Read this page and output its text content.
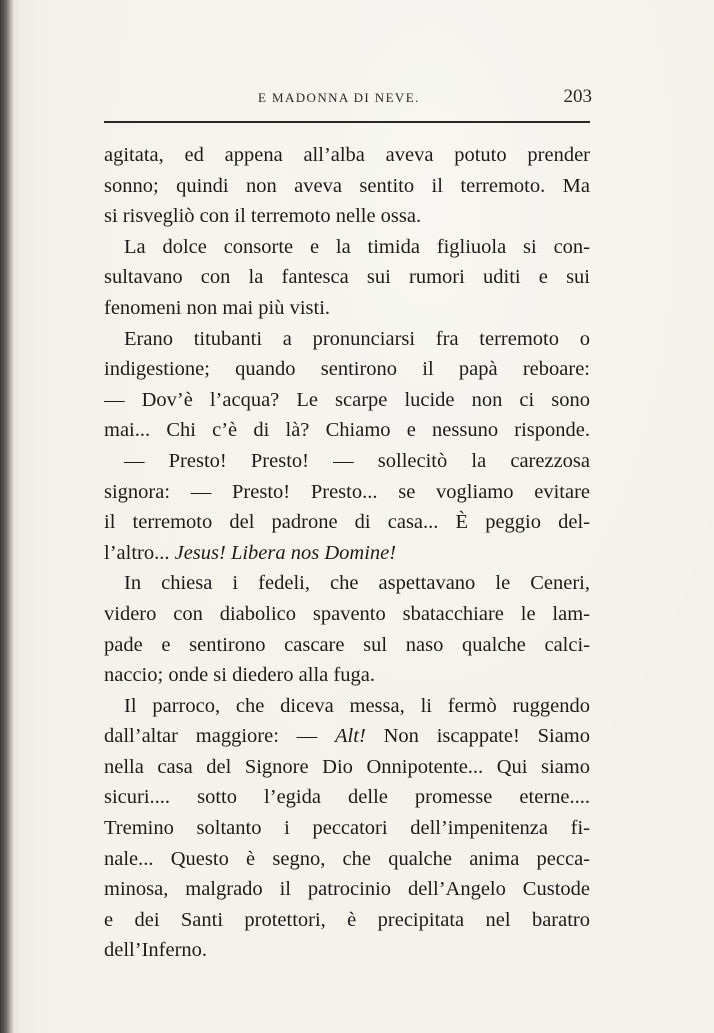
E MADONNA DI NEVE.	203
agitata, ed appena all’alba aveva potuto prender
sonno; quindi non aveva sentito il terremoto. Ma
si risvegliò con il terremoto nelle ossa.
La dolce consorte e la timida figliuola si con-
sultavano con la fantesca sui rumori uditi e sui
fenomeni non mai più visti.
Erano titubanti a pronunciarsi fra terremoto o
indigestione; quando sentirono il papà reboare:
— Dov’è l’acqua? Le scarpe lucide non ci sono
mai... Chi c’è di là? Chiamo e nessuno risponde.
— Presto! Presto! — sollecitò la carezzosa
signora: — Presto! Presto... se vogliamo evitare
il terremoto del padrone di casa... È peggio del-
l’altro... Jesus! Libera nos Domine!
In chiesa i fedeli, che aspettavano le Ceneri,
videro con diabolico spavento sbatacchiare le lam-
pade e sentirono cascare sul naso qualche calci-
naccio; onde si diedero alla fuga.
Il parroco, che diceva messa, li fermò ruggendo
dall’altar maggiore: — Alt! Non iscappate! Siamo
nella casa del Signore Dio Onnipotente... Qui siamo
sicuri.... sotto l’egida delle promesse eterne....
Tremino soltanto i peccatori dell’impenitenza fi-
nale... Questo è segno, che qualche anima pecca-
minosa, malgrado il patrocinio dell’Angelo Custode
e dei Santi protettori, è precipitata nel baratro
dell’Inferno.
